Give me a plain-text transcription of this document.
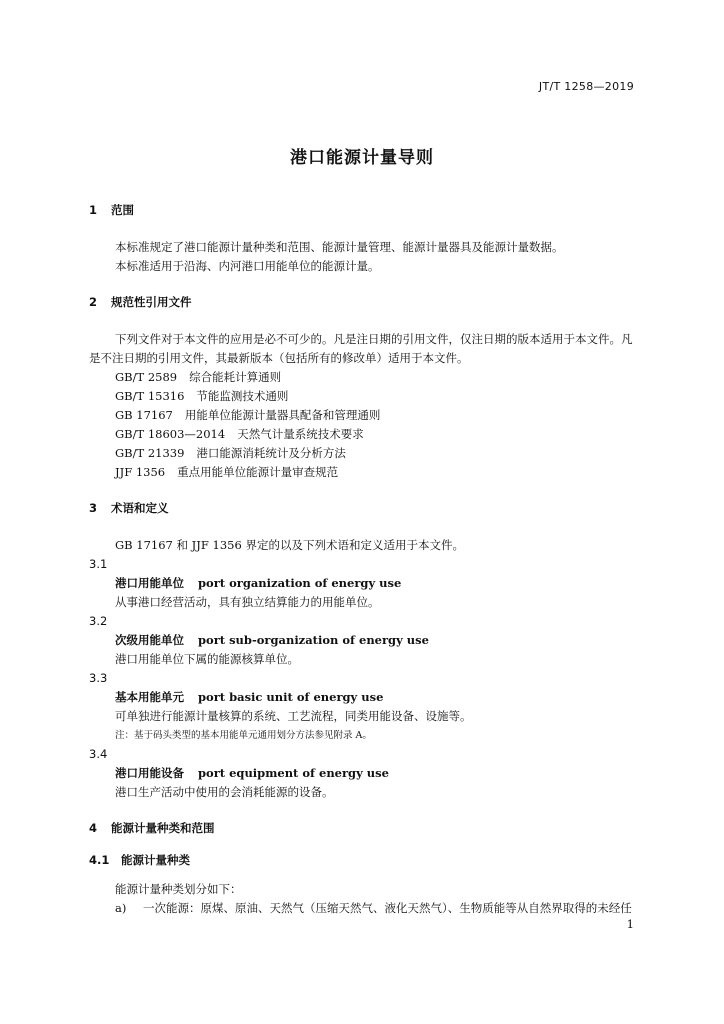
JT/T 1258—2019
港口能源计量导则
1 范围
本标准规定了港口能源计量种类和范围、能源计量管理、能源计量器具及能源计量数据。
本标准适用于沿海、内河港口用能单位的能源计量。
2 规范性引用文件
下列文件对于本文件的应用是必不可少的。凡是注日期的引用文件，仅注日期的版本适用于本文件。凡是不注日期的引用文件，其最新版本（包括所有的修改单）适用于本文件。
GB/T 2589 综合能耗计算通则
GB/T 15316 节能监测技术通则
GB 17167 用能单位能源计量器具配备和管理通则
GB/T 18603—2014 天然气计量系统技术要求
GB/T 21339 港口能源消耗统计及分析方法
JJF 1356 重点用能单位能源计量审查规范
3 术语和定义
GB 17167 和 JJF 1356 界定的以及下列术语和定义适用于本文件。
3.1
港口用能单位 port organization of energy use
从事港口经营活动，具有独立结算能力的用能单位。
3.2
次级用能单位 port sub-organization of energy use
港口用能单位下属的能源核算单位。
3.3
基本用能单元 port basic unit of energy use
可单独进行能源计量核算的系统、工艺流程，同类用能设备、设施等。
注：基于码头类型的基本用能单元通用划分方法参见附录 A。
3.4
港口用能设备 port equipment of energy use
港口生产活动中使用的会消耗能源的设备。
4 能源计量种类和范围
4.1 能源计量种类
能源计量种类划分如下：
a) 一次能源：原煤、原油、天然气（压缩天然气、液化天然气）、生物质能等从自然界取得的未经任
1
